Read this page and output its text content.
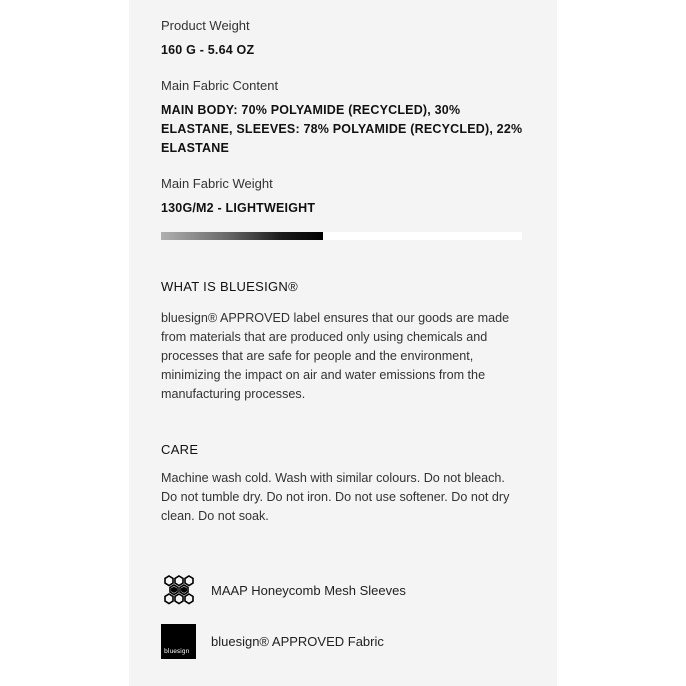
Product Weight
160 G - 5.64 OZ
Main Fabric Content
MAIN BODY: 70% POLYAMIDE (RECYCLED), 30% ELASTANE, SLEEVES: 78% POLYAMIDE (RECYCLED), 22% ELASTANE
Main Fabric Weight
130G/M2 - LIGHTWEIGHT
WHAT IS BLUESIGN®
bluesign® APPROVED label ensures that our goods are made from materials that are produced only using chemicals and processes that are safe for people and the environment, minimizing the impact on air and water emissions from the manufacturing processes.
CARE
Machine wash cold. Wash with similar colours. Do not bleach. Do not tumble dry. Do not iron. Do not use softener. Do not dry clean. Do not soak.
MAAP Honeycomb Mesh Sleeves
bluesign
bluesign® APPROVED Fabric
